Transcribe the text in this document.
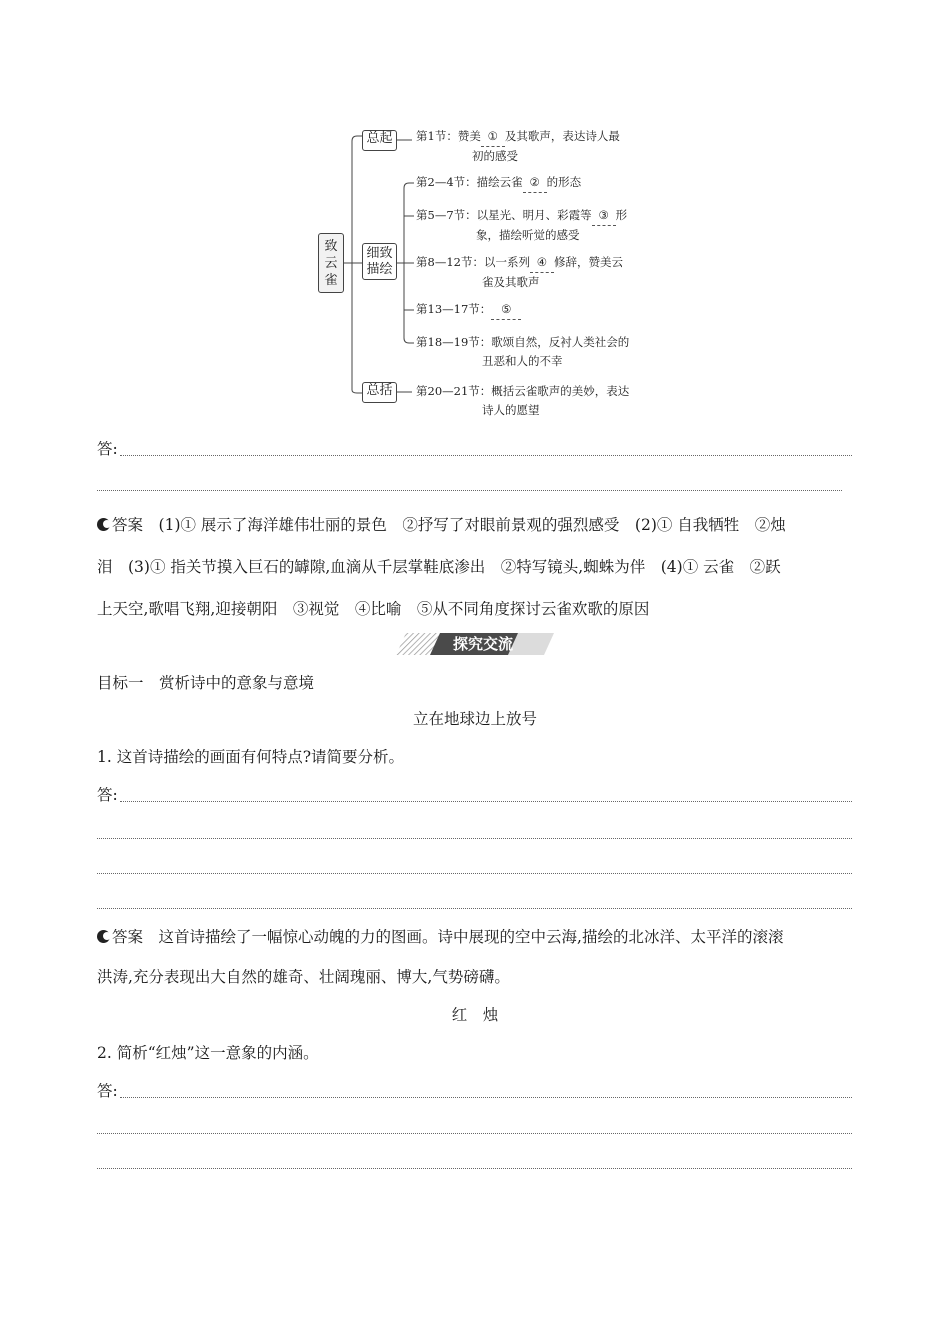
致
云
雀
总起
细致
描绘
总括
第1节：赞美 ① 及其歌声，表达诗人最
初的感受
第2—4节：描绘云雀 ② 的形态
第5—7节：以星光、明月、彩霞等 ③ 形
象，描绘听觉的感受
第8—12节：以一系列 ④ 修辞，赞美云
雀及其歌声
第13—17节： ⑤
第18—19节：歌颂自然，反衬人类社会的
丑恶和人的不幸
第20—21节：概括云雀歌声的美妙，表达
诗人的愿望
答:
答案　 (1)① 展示了海洋雄伟壮丽的景色　②抒写了对眼前景观的强烈感受　(2)① 自我牺牲　②烛
泪　(3)① 指关节摸入巨石的罅隙,血滴从千层掌鞋底渗出　②特写镜头,蜘蛛为伴　(4)① 云雀　②跃
上天空,歌唱飞翔,迎接朝阳　③视觉　④比喻　⑤从不同角度探讨云雀欢歌的原因
探究交流
目标一　赏析诗中的意象与意境
立在地球边上放号
1. 这首诗描绘的画面有何特点?请简要分析。
答:
答案　 这首诗描绘了一幅惊心动魄的力的图画。诗中展现的空中云海,描绘的北冰洋、太平洋的滚滚
洪涛,充分表现出大自然的雄奇、壮阔瑰丽、博大,气势磅礴。
红　烛
2. 简析“红烛”这一意象的内涵。
答:
